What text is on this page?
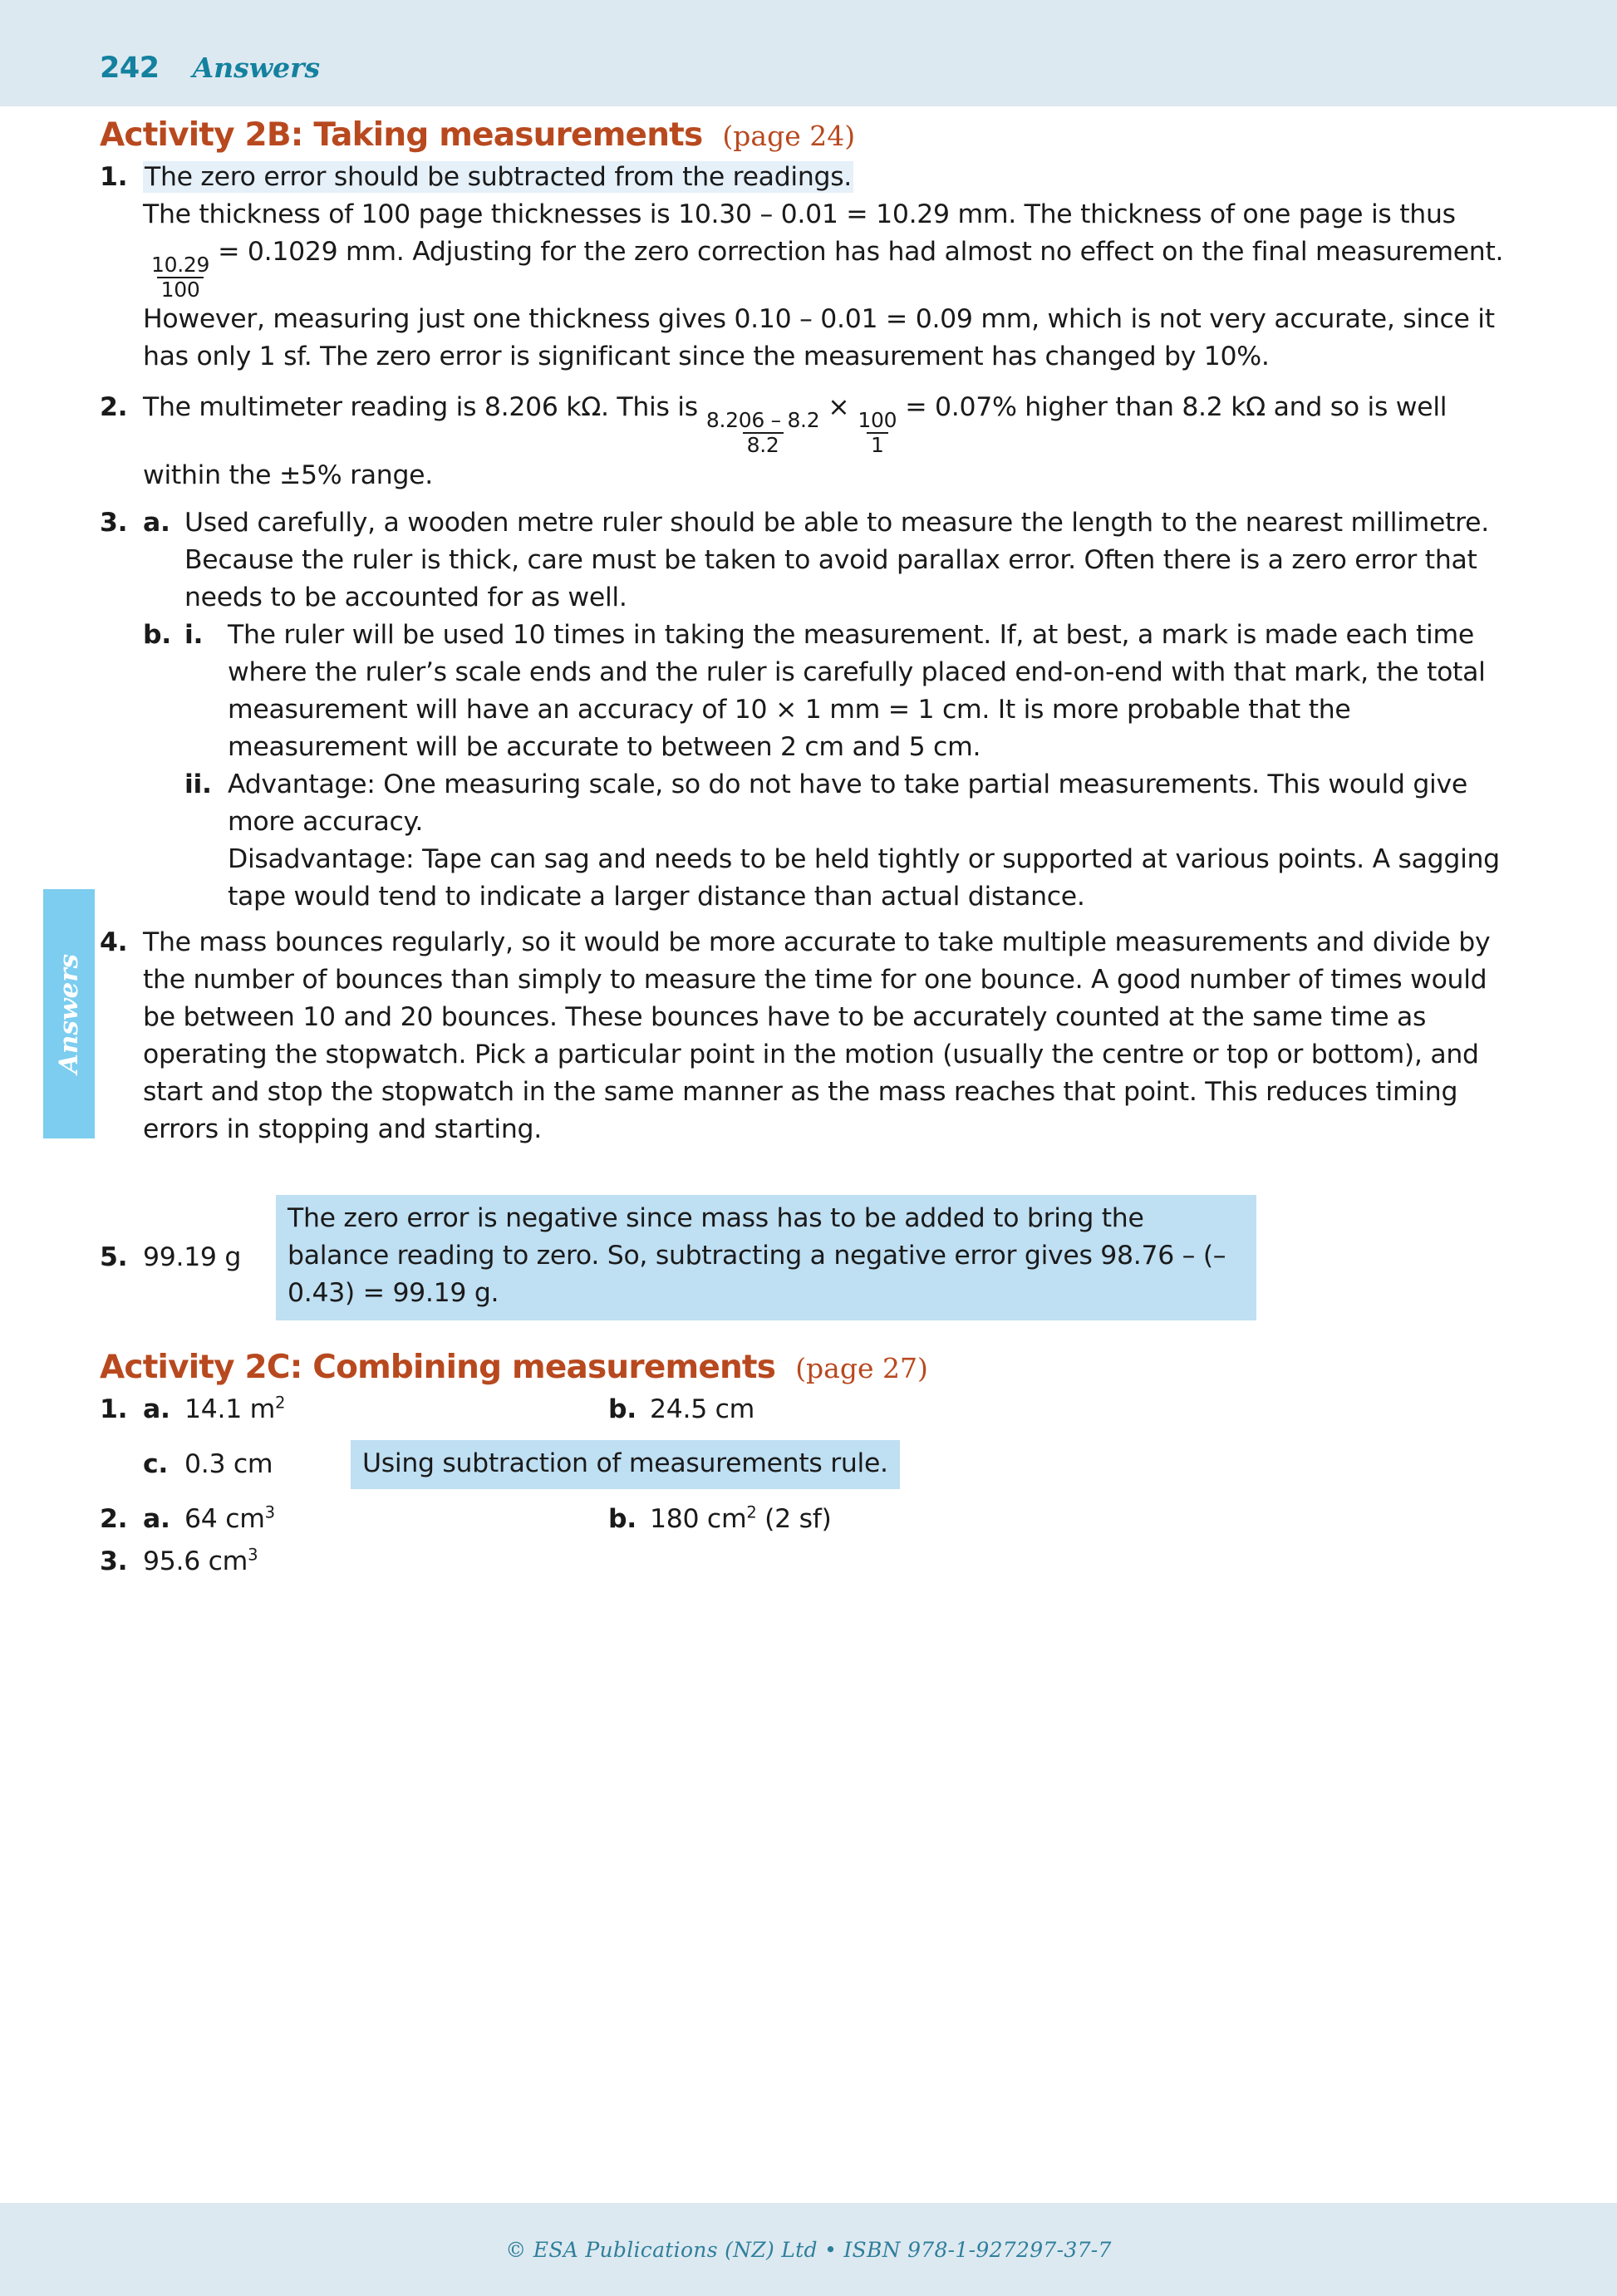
242 Answers
Answers
Activity 2B: Taking measurements (page 24)
1. The zero error should be subtracted from the readings.
The thickness of 100 page thicknesses is 10.30 – 0.01 = 10.29 mm. The thickness of one page is thus
$\frac{10.29}{100}$
= 0.1029 mm. Adjusting for the zero correction has had almost no effect on the final measurement. However, measuring just one thickness gives 0.10 – 0.01 = 0.09 mm, which is not very accurate, since it has only 1 sf. The zero error is significant since the measurement has changed by 10%.
2. The multimeter reading is 8.206 kΩ. This is
$\frac{8.206 - 8.2}{8.2}$
×
$\frac{100}{1}$
= 0.07% higher than 8.2 kΩ and so is well within the ±5% range.
3. a. Used carefully, a wooden metre ruler should be able to measure the length to the nearest millimetre. Because the ruler is thick, care must be taken to avoid parallax error. Often there is a zero error that needs to be accounted for as well.
b. i. The ruler will be used 10 times in taking the measurement. If, at best, a mark is made each time where the ruler’s scale ends and the ruler is carefully placed end-on-end with that mark, the total measurement will have an accuracy of 10 × 1 mm = 1 cm. It is more probable that the measurement will be accurate to between 2 cm and 5 cm.
ii. Advantage: One measuring scale, so do not have to take partial measurements. This would give more accuracy.
Disadvantage: Tape can sag and needs to be held tightly or supported at various points. A sagging tape would tend to indicate a larger distance than actual distance.
4. The mass bounces regularly, so it would be more accurate to take multiple measurements and divide by the number of bounces than simply to measure the time for one bounce. A good number of times would be between 10 and 20 bounces. These bounces have to be accurately counted at the same time as operating the stopwatch. Pick a particular point in the motion (usually the centre or top or bottom), and start and stop the stopwatch in the same manner as the mass reaches that point. This reduces timing errors in stopping and starting.
5. 99.19 g
The zero error is negative since mass has to be added to bring the balance reading to zero. So, subtracting a negative error gives 98.76 – (–0.43) = 99.19 g.
Activity 2C: Combining measurements (page 27)
1. a. 14.1 $m^2$	b. 24.5 cm
c. 0.3 cm	Using subtraction of measurements rule.
2. a. 64 $cm^3$	b. 180 $cm^2$ (2 sf)
3. 95.6 $cm^3$
© ESA Publications (NZ) Ltd • ISBN 978-1-927297-37-7
